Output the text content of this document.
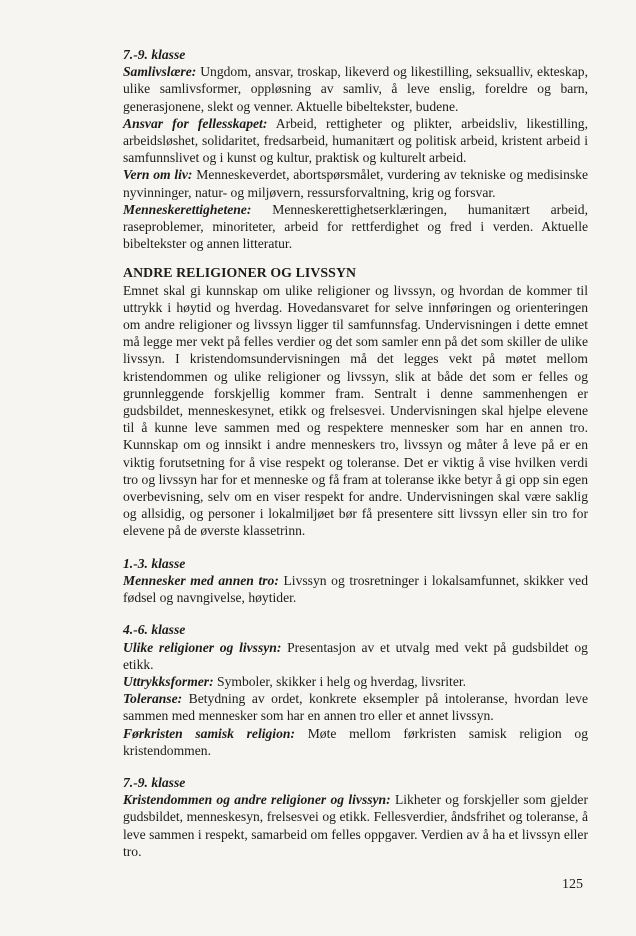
7.-9. klasse

Samlivslære: Ungdom, ansvar, troskap, likeverd og likestilling, seksualliv, ekteskap, ulike samlivsformer, oppløsning av samliv, å leve enslig, foreldre og barn, generasjonene, slekt og venner. Aktuelle bibeltekster, budene.

Ansvar for fellesskapet: Arbeid, rettigheter og plikter, arbeidsliv, likestilling, arbeidsløshet, solidaritet, fredsarbeid, humanitært og politisk arbeid, kristent arbeid i samfunnslivet og i kunst og kultur, praktisk og kulturelt arbeid.

Vern om liv: Menneskeverdet, abortspørsmålet, vurdering av tekniske og medisinske nyvinninger, natur- og miljøvern, ressursforvaltning, krig og forsvar.

Menneskerettighetene: Menneskerettighetserklæringen, humanitært arbeid, raseproblemer, minoriteter, arbeid for rettferdighet og fred i verden. Aktuelle bibeltekster og annen litteratur.

ANDRE RELIGIONER OG LIVSSYN

Emnet skal gi kunnskap om ulike religioner og livssyn, og hvordan de kommer til uttrykk i høytid og hverdag. Hovedansvaret for selve innføringen og orienteringen om andre religioner og livssyn ligger til samfunnsfag. Undervisningen i dette emnet må legge mer vekt på felles verdier og det som samler enn på det som skiller de ulike livssyn. I kristendomsundervisningen må det legges vekt på møtet mellom kristendommen og ulike religioner og livssyn, slik at både det som er felles og grunnleggende forskjellig kommer fram. Sentralt i denne sammenhengen er gudsbildet, menneskesynet, etikk og frelsesvei. Undervisningen skal hjelpe elevene til å kunne leve sammen med og respektere mennesker som har en annen tro. Kunnskap om og innsikt i andre menneskers tro, livssyn og måter å leve på er en viktig forutsetning for å vise respekt og toleranse. Det er viktig å vise hvilken verdi tro og livssyn har for et menneske og få fram at toleranse ikke betyr å gi opp sin egen overbevisning, selv om en viser respekt for andre. Undervisningen skal være saklig og allsidig, og personer i lokalmiljøet bør få presentere sitt livssyn eller sin tro for elevene på de øverste klassetrinn.

1.-3. klasse

Mennesker med annen tro: Livssyn og trosretninger i lokalsamfunnet, skikker ved fødsel og navngivelse, høytider.

4.-6. klasse

Ulike religioner og livssyn: Presentasjon av et utvalg med vekt på gudsbildet og etikk.

Uttrykksformer: Symboler, skikker i helg og hverdag, livsriter.

Toleranse: Betydning av ordet, konkrete eksempler på intoleranse, hvordan leve sammen med mennesker som har en annen tro eller et annet livssyn.

Førkristen samisk religion: Møte mellom førkristen samisk religion og kristendommen.

7.-9. klasse

Kristendommen og andre religioner og livssyn: Likheter og forskjeller som gjelder gudsbildet, menneskesyn, frelsesvei og etikk. Fellesverdier, åndsfrihet og toleranse, å leve sammen i respekt, samarbeid om felles oppgaver. Verdien av å ha et livssyn eller tro.

125
